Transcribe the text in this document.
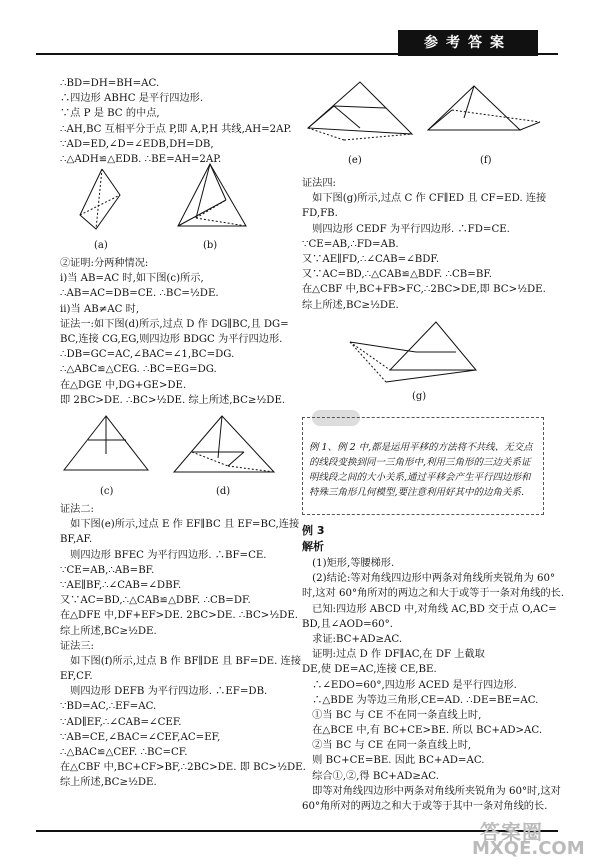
参考答案
∴BD=DH=BH=AC.
∴四边形 ABHC 是平行四边形.
∵点 P 是 BC 的中点,
∴AH,BC 互相平分于点 P,即 A,P,H 共线,AH=2AP.
∵AD=ED,∠D=∠EDB,DH=DB,
∴△ADH≌△EDB. ∴BE=AH=2AP.
(a)	(b)
②证明:分两种情况:
ⅰ)当 AB=AC 时,如下图(c)所示,
∴AB=AC=DB=CE. ∴BC=½DE.
ⅱ)当 AB≠AC 时,
证法一:如下图(d)所示,过点 D 作 DG∥BC,且 DG=
BC,连接 CG,EG,则四边形 BDGC 为平行四边形.
∴DB=GC=AC,∠BAC=∠1,BC=DG.
∴△ABC≌△CEG. ∴BC=EG=DG.
在△DGE 中,DG+GE>DE.
即 2BC>DE. ∴BC>½DE. 综上所述,BC≥½DE.
(c)	(d)
证法二:
　如下图(e)所示,过点 E 作 EF∥BC 且 EF=BC,连接
BF,AF.
　则四边形 BFEC 为平行四边形. ∴BF=CE.
∵CE=AB,∴AB=BF.
∵AE∥BF,∴∠CAB=∠DBF.
又∵AC=BD,∴△CAB≌△DBF. ∴CB=DF.
在△DFE 中,DF+EF>DE. 2BC>DE. ∴BC>½DE.
综上所述,BC≥½DE.
证法三:
　如下图(f)所示,过点 B 作 BF∥DE 且 BF=DE. 连接
EF,CF.
　则四边形 DEFB 为平行四边形. ∴EF=DB.
∵BD=AC,∴EF=AC.
∵AD∥EF,∴∠CAB=∠CEF.
∵AB=CE,∠BAC=∠CEF,AC=EF,
∴△BAC≌△CEF. ∴BC=CF.
在△CBF 中,BC+CF>BF,∴2BC>DE. 即 BC>½DE.
综上所述,BC≥½DE.
(e)	(f)
证法四:
　如下图(g)所示,过点 C 作 CF∥ED 且 CF=ED. 连接
FD,FB.
　则四边形 CEDF 为平行四边形. ∴FD=CE.
∵CE=AB,∴FD=AB.
又∵AE∥FD,∴∠CAB=∠BDF.
又∵AC=BD,∴△CAB≌△BDF. ∴CB=BF.
在△CBF 中,BC+FB>FC,∴2BC>DE,即 BC>½DE.
综上所述,BC≥½DE.
(g)
例 1、例 2 中,都是运用平移的方法将不共线、无交点的线段变换到同一三角形中,利用三角形的三边关系证明线段之间的大小关系,通过平移会产生平行四边形和特殊三角形几何模型,要注意利用好其中的边角关系.
例 3
解析
　(1)矩形,等腰梯形.
　(2)结论:等对角线四边形中两条对角线所夹锐角为 60°
时,这对 60°角所对的两边之和大于或等于一条对角线的长.
　已知:四边形 ABCD 中,对角线 AC,BD 交于点 O,AC=
BD,且∠AOD=60°.
　求证:BC+AD≥AC.
　证明:过点 D 作 DF∥AC,在 DF 上截取
DE,使 DE=AC,连接 CE,BE.
　∴∠EDO=60°,四边形 ACED 是平行四边形.
　∴△BDE 为等边三角形,CE=AD. ∴DE=BE=AC.
　①当 BC 与 CE 不在同一条直线上时,
　在△BCE 中,有 BC+CE>BE. 所以 BC+AD>AC.
　②当 BC 与 CE 在同一条直线上时,
　则 BC+CE=BE. 因此 BC+AD=AC.
　综合①,②,得 BC+AD≥AC.
　即等对角线四边形中两条对角线所夹锐角为 60°时,这对
60°角所对的两边之和大于或等于其中一条对角线的长.
答案圈
MXQE.COM
